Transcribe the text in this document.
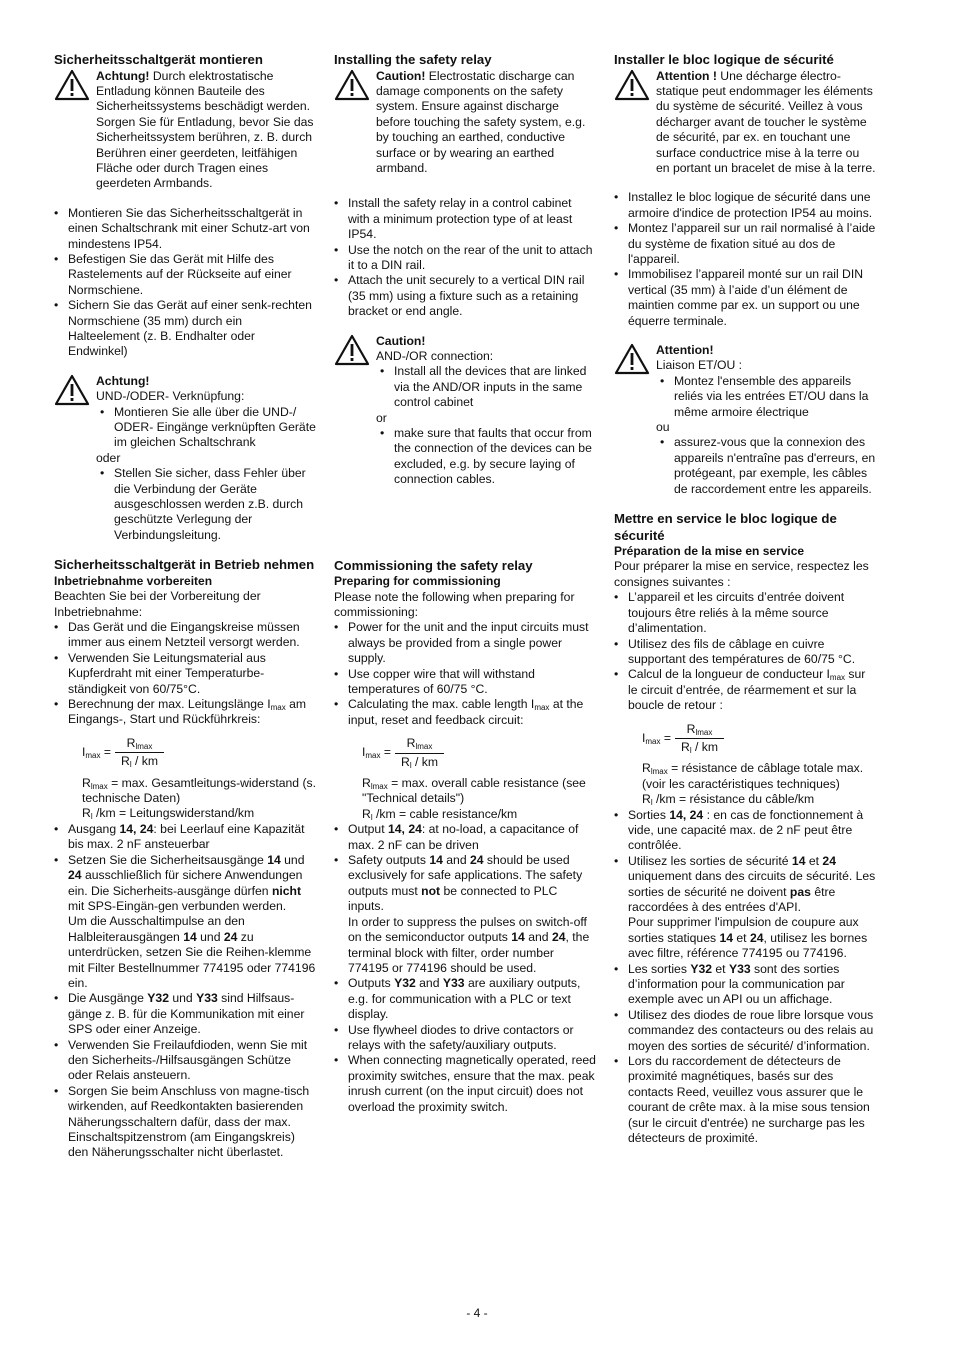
Sicherheitsschaltgerät montieren

Achtung! Durch elektrostatische Entladung können Bauteile des Sicherheitssystems beschädigt werden. Sorgen Sie für Entladung, bevor Sie das Sicherheitssystem berühren, z. B. durch Berühren einer geerdeten, leitfähigen Fläche oder durch Tragen eines geerdeten Armbands.

• Montieren Sie das Sicherheitsschaltgerät in einen Schaltschrank mit einer Schutz-art von mindestens IP54.
• Befestigen Sie das Gerät mit Hilfe des Rastelements auf der Rückseite auf einer Normschiene.
• Sichern Sie das Gerät auf einer senk-rechten Normschiene (35 mm) durch ein Halteelement (z. B. Endhalter oder Endwinkel)

Achtung!
UND-/ODER- Verknüpfung:

• Montieren Sie alle über die UND-/ ODER- Eingänge verknüpften Geräte im gleichen Schaltschrank

oder

• Stellen Sie sicher, dass Fehler über die Verbindung der Geräte ausgeschlossen werden z.B. durch geschützte Verlegung der Verbindungsleitung.
Sicherheitsschaltgerät in Betrieb nehmen
Inbetriebnahme vorbereiten
Beachten Sie bei der Vorbereitung der Inbetriebnahme:
• Das Gerät und die Eingangskreise müssen immer aus einem Netzteil versorgt werden.
• Verwenden Sie Leitungsmaterial aus Kupferdraht mit einer Temperaturbe-ständigkeit von 60/75°C.
• Berechnung der max. Leitungslänge $I_{max}$ am Eingangs-, Start und Rückführkreis:
$I_{max}$ =
$R_{lmax}$
$R_l$ / km
$R_{lmax} = \max$. Gesamtleitungs-widerstand (s. technische Daten)
$R_l$ /km = Leitungswiderstand/km
• Ausgang 14, 24: bei Leerlauf eine Kapazität bis max. 2 nF ansteuerbar
• Setzen Sie die Sicherheitsausgänge 14 und 24 ausschließlich für sichere Anwendungen ein. Die Sicherheits-ausgänge dürfen nicht mit SPS-Eingän-gen verbunden werden.
Um die Ausschaltimpulse an den Halbleiterausgängen 14 und 24 zu unterdrücken, setzen Sie die Reihen-klemme mit Filter Bestellnummer 774195 oder 774196 ein.
• Die Ausgänge Y32 und Y33 sind Hilfsaus-gänge z. B. für die Kommunikation mit einer SPS oder einer Anzeige.
• Verwenden Sie Freilaufdioden, wenn Sie mit den Sicherheits-/Hilfsausgängen Schütze oder Relais ansteuern.
• Sorgen Sie beim Anschluss von magne-tisch wirkenden, auf Reedkontakten basierenden Näherungsschaltern dafür, dass der max. Einschaltspitzenstrom (am Eingangskreis) den Näherungsschalter nicht überlastet.
Installing the safety relay

Caution! Electrostatic discharge can damage components on the safety system. Ensure against discharge before touching the safety system, e.g. by touching an earthed, conductive surface or by wearing an earthed armband.

• Install the safety relay in a control cabinet with a minimum protection type of at least IP54.
• Use the notch on the rear of the unit to attach it to a DIN rail.
• Attach the unit securely to a vertical DIN rail (35 mm) using a fixture such as a retaining bracket or end angle.

Caution!
AND-/OR connection:

• Install all the devices that are linked via the AND/OR inputs in the same control cabinet

or

• make sure that faults that occur from the connection of the devices can be excluded, e.g. by secure laying of connection cables.
Commissioning the safety relay
Preparing for commissioning
Please note the following when preparing for commissioning:
• Power for the unit and the input circuits must always be provided from a single power supply.
• Use copper wire that will withstand temperatures of 60/75 °C.
• Calculating the max. cable length $I_{max}$ at the input, reset and feedback circuit:
$I_{max}$ =
$R_{lmax}$
$R_l$ / km
$R_{lmax} = \max$. overall cable resistance (see "Technical details")
$R_l$ /km = cable resistance/km
• Output 14, 24: at no-load, a capacitance of max. 2 nF can be driven
• Safety outputs 14 and 24 should be used exclusively for safe applications. The safety outputs must not be connected to PLC inputs.
In order to suppress the pulses on switch-off on the semiconductor outputs 14 and 24, the terminal block with filter, order number 774195 or 774196 should be used.
• Outputs Y32 and Y33 are auxiliary outputs, e.g. for communication with a PLC or text display.
• Use flywheel diodes to drive contactors or relays with the safety/auxiliary outputs.
• When connecting magnetically operated, reed proximity switches, ensure that the max. peak inrush current (on the input circuit) does not overload the proximity switch.
Installer le bloc logique de sécurité

Attention ! Une décharge électro-statique peut endommager les éléments du système de sécurité. Veillez à vous décharger avant de toucher le système de sécurité, par ex. en touchant une surface conductrice mise à la terre ou en portant un bracelet de mise à la terre.

• Installez le bloc logique de sécurité dans une armoire d'indice de protection IP54 au moins.
• Montez l’appareil sur un rail normalisé à l’aide du système de fixation situé au dos de l'appareil.
• Immobilisez l’appareil monté sur un rail DIN vertical (35 mm) à l’aide d’un élément de maintien comme par ex. un support ou une équerre terminale.

Attention!
Liaison ET/OU :

• Montez l'ensemble des appareils reliés via les entrées ET/OU dans la même armoire électrique

ou

• assurez-vous que la connexion des appareils n'entraîne pas d'erreurs, en protégeant, par exemple, les câbles de raccordement entre les appareils.
Mettre en service le bloc logique de sécurité
Préparation de la mise en service
Pour préparer la mise en service, respectez les consignes suivantes :
• L’appareil et les circuits d’entrée doivent toujours être reliés à la même source d’alimentation.
• Utilisez des fils de câblage en cuivre supportant des températures de 60/75 °C.
• Calcul de la longueur de conducteur $I_{max}$ sur le circuit d’entrée, de réarmement et sur la boucle de retour :
$I_{max}$ =
$R_{lmax}$
$R_l$ / km
$R_{lmax}$ = résistance de câblage totale max. (voir les caractéristiques techniques)
$R_l$ /km = résistance du câble/km
• Sorties 14, 24 : en cas de fonctionnement à vide, une capacité max. de 2 nF peut être contrôlée.
• Utilisez les sorties de sécurité 14 et 24 uniquement dans des circuits de sécurité. Les sorties de sécurité ne doivent pas être raccordées à des entrées d'API.
Pour supprimer l'impulsion de coupure aux sorties statiques 14 et 24, utilisez les bornes avec filtre, référence 774195 ou 774196.
• Les sorties Y32 et Y33 sont des sorties d’information pour la communication par exemple avec un API ou un affichage.
• Utilisez des diodes de roue libre lorsque vous commandez des contacteurs ou des relais au moyen des sorties de sécurité/ d’information.
• Lors du raccordement de détecteurs de proximité magnétiques, basés sur des contacts Reed, veuillez vous assurer que le courant de crête max. à la mise sous tension (sur le circuit d'entrée) ne surcharge pas les détecteurs de proximité.
- 4 -
